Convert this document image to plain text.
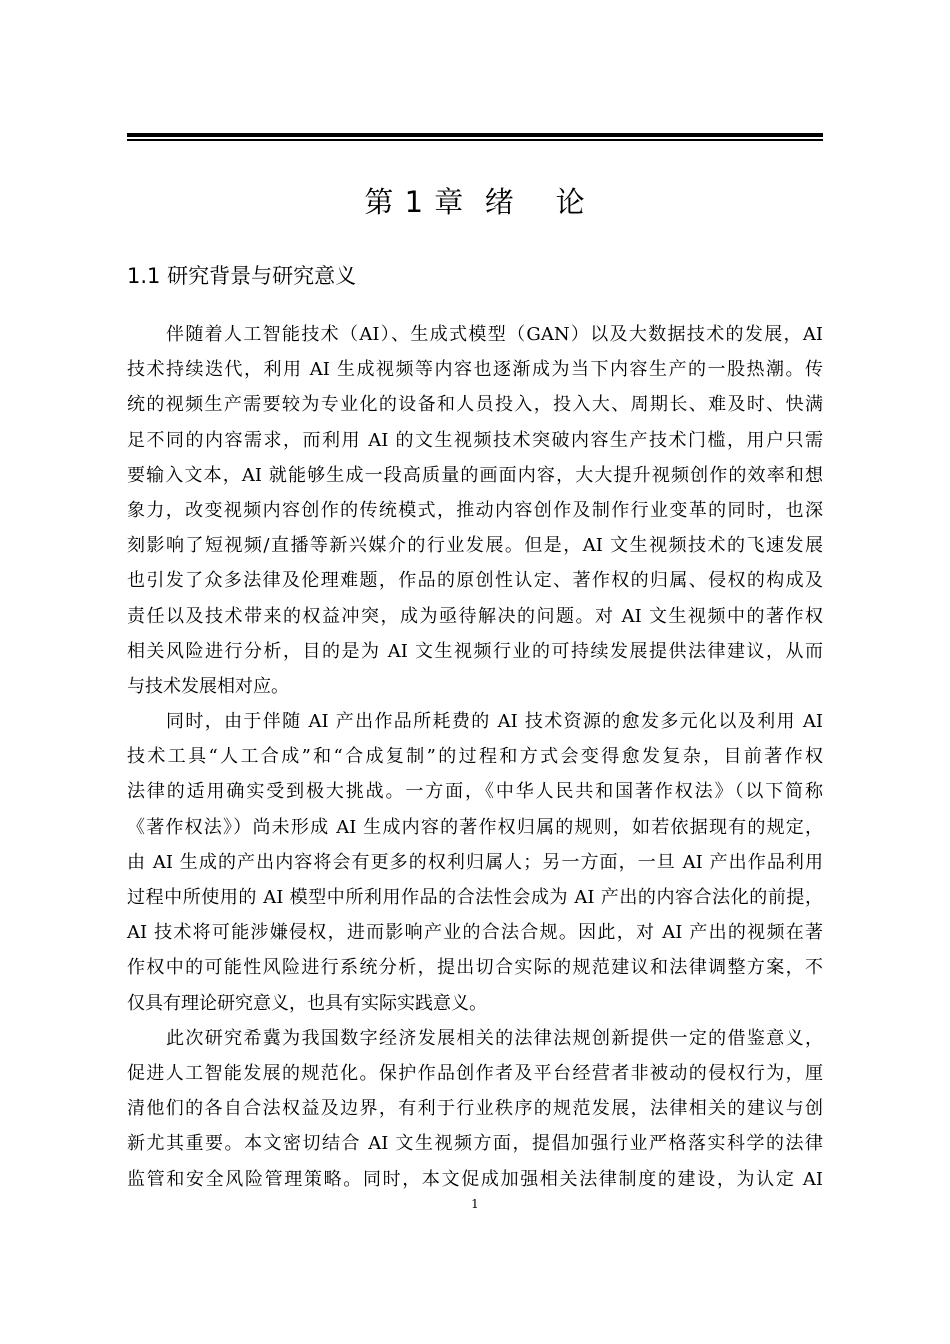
第 1 章  绪    论
1.1 研究背景与研究意义
伴随着人工智能技术（AI）、生成式模型（GAN）以及大数据技术的发展，AI
技术持续迭代，利用 AI 生成视频等内容也逐渐成为当下内容生产的一股热潮。传
统的视频生产需要较为专业化的设备和人员投入，投入大、周期长、难及时、快满
足不同的内容需求，而利用 AI 的文生视频技术突破内容生产技术门槛，用户只需
要输入文本，AI 就能够生成一段高质量的画面内容，大大提升视频创作的效率和想
象力，改变视频内容创作的传统模式，推动内容创作及制作行业变革的同时，也深
刻影响了短视频/直播等新兴媒介的行业发展。但是，AI 文生视频技术的飞速发展
也引发了众多法律及伦理难题，作品的原创性认定、著作权的归属、侵权的构成及
责任以及技术带来的权益冲突，成为亟待解决的问题。对 AI 文生视频中的著作权
相关风险进行分析，目的是为 AI 文生视频行业的可持续发展提供法律建议，从而
与技术发展相对应。
同时，由于伴随 AI 产出作品所耗费的 AI 技术资源的愈发多元化以及利用 AI
技术工具“人工合成”和“合成复制”的过程和方式会变得愈发复杂，目前著作权
法律的适用确实受到极大挑战。一方面，《中华人民共和国著作权法》（以下简称
《著作权法》）尚未形成 AI 生成内容的著作权归属的规则，如若依据现有的规定，
由 AI 生成的产出内容将会有更多的权利归属人；另一方面，一旦 AI 产出作品利用
过程中所使用的 AI 模型中所利用作品的合法性会成为 AI 产出的内容合法化的前提，
AI 技术将可能涉嫌侵权，进而影响产业的合法合规。因此，对 AI 产出的视频在著
作权中的可能性风险进行系统分析，提出切合实际的规范建议和法律调整方案，不
仅具有理论研究意义，也具有实际实践意义。
此次研究希冀为我国数字经济发展相关的法律法规创新提供一定的借鉴意义，
促进人工智能发展的规范化。保护作品创作者及平台经营者非被动的侵权行为，厘
清他们的各自合法权益及边界，有利于行业秩序的规范发展，法律相关的建议与创
新尤其重要。本文密切结合 AI 文生视频方面，提倡加强行业严格落实科学的法律
监管和安全风险管理策略。同时，本文促成加强相关法律制度的建设，为认定 AI
1
